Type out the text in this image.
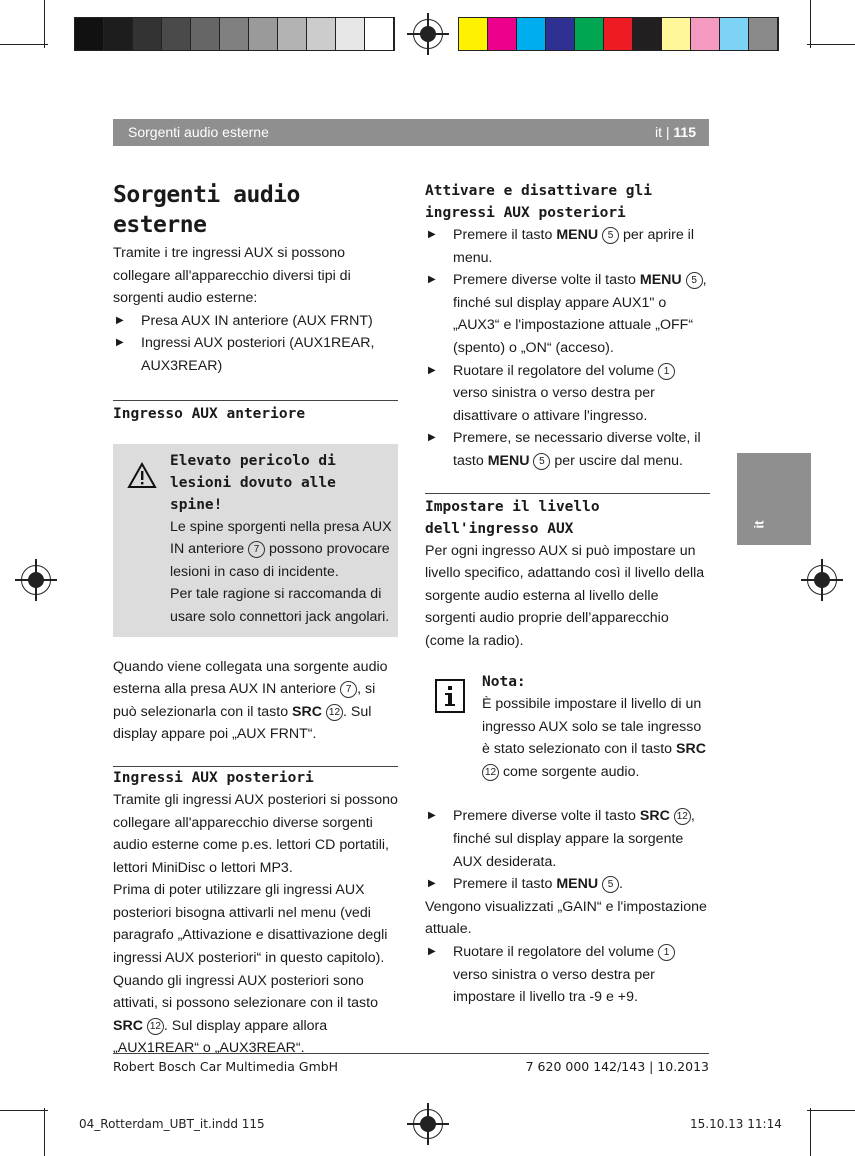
Sorgenti audio esterne	it | 115
it
Sorgenti audio esterne

Tramite i tre ingressi AUX si possono collegare all'apparecchio diversi tipi di sorgenti audio esterne:

▶ Presa AUX IN anteriore (AUX FRNT)
▶ Ingressi AUX posteriori (AUX1REAR, AUX3REAR)
Ingresso AUX anteriore
Elevato pericolo di lesioni dovuto alle spine!

Le spine sporgenti nella presa AUX IN anteriore 7 possono provocare lesioni in caso di incidente.

Per tale ragione si raccomanda di usare solo connettori jack angolari.

Quando viene collegata una sorgente audio esterna alla presa AUX IN anteriore 7 , si può selezionarla con il tasto SRC 12 . Sul display appare poi „AUX FRNT“.

Ingressi AUX posteriori

Tramite gli ingressi AUX posteriori si possono collegare all'apparecchio diverse sorgenti audio esterne come p.es. lettori CD portatili, lettori MiniDisc o lettori MP3.

Prima di poter utilizzare gli ingressi AUX posteriori bisogna attivarli nel menu (vedi paragrafo „Attivazione e disattivazione degli ingressi AUX posteriori“ in questo capitolo).

Quando gli ingressi AUX posteriori sono attivati, si possono selezionare con il tasto SRC 12 . Sul display appare allora „AUX1REAR“ o „AUX3REAR“.

Attivare e disattivare gli ingressi AUX posteriori
▶ Premere il tasto MENU 5 per aprire il menu.
▶ Premere diverse volte il tasto MENU 5 , finché sul display appare AUX1" o „AUX3“ e l'impostazione attuale „OFF“ (spento) o „ON“ (acceso).
▶ Ruotare il regolatore del volume 1 verso sinistra o verso destra per disattivare o attivare l'ingresso.
▶ Premere, se necessario diverse volte, il tasto MENU 5 per uscire dal menu.
Impostare il livello dell'ingresso AUX

Per ogni ingresso AUX si può impostare un livello specifico, adattando così il livello della sorgente audio esterna al livello delle sorgenti audio proprie dell’apparecchio (come la radio).

Nota:

È possibile impostare il livello di un ingresso AUX solo se tale ingresso è stato selezionato con il tasto SRC 12 come sorgente audio.

▶ Premere diverse volte il tasto SRC 12 , finché sul display appare la sorgente AUX desiderata.
▶ Premere il tasto MENU 5 .

Vengono visualizzati „GAIN“ e l'impostazione attuale.

▶ Ruotare il regolatore del volume 1 verso sinistra o verso destra per impostare il livello tra -9 e +9.
Robert Bosch Car Multimedia GmbH	7 620 000 142/143 | 10.2013
04_Rotterdam_UBT_it.indd 115	15.10.13 11:14
